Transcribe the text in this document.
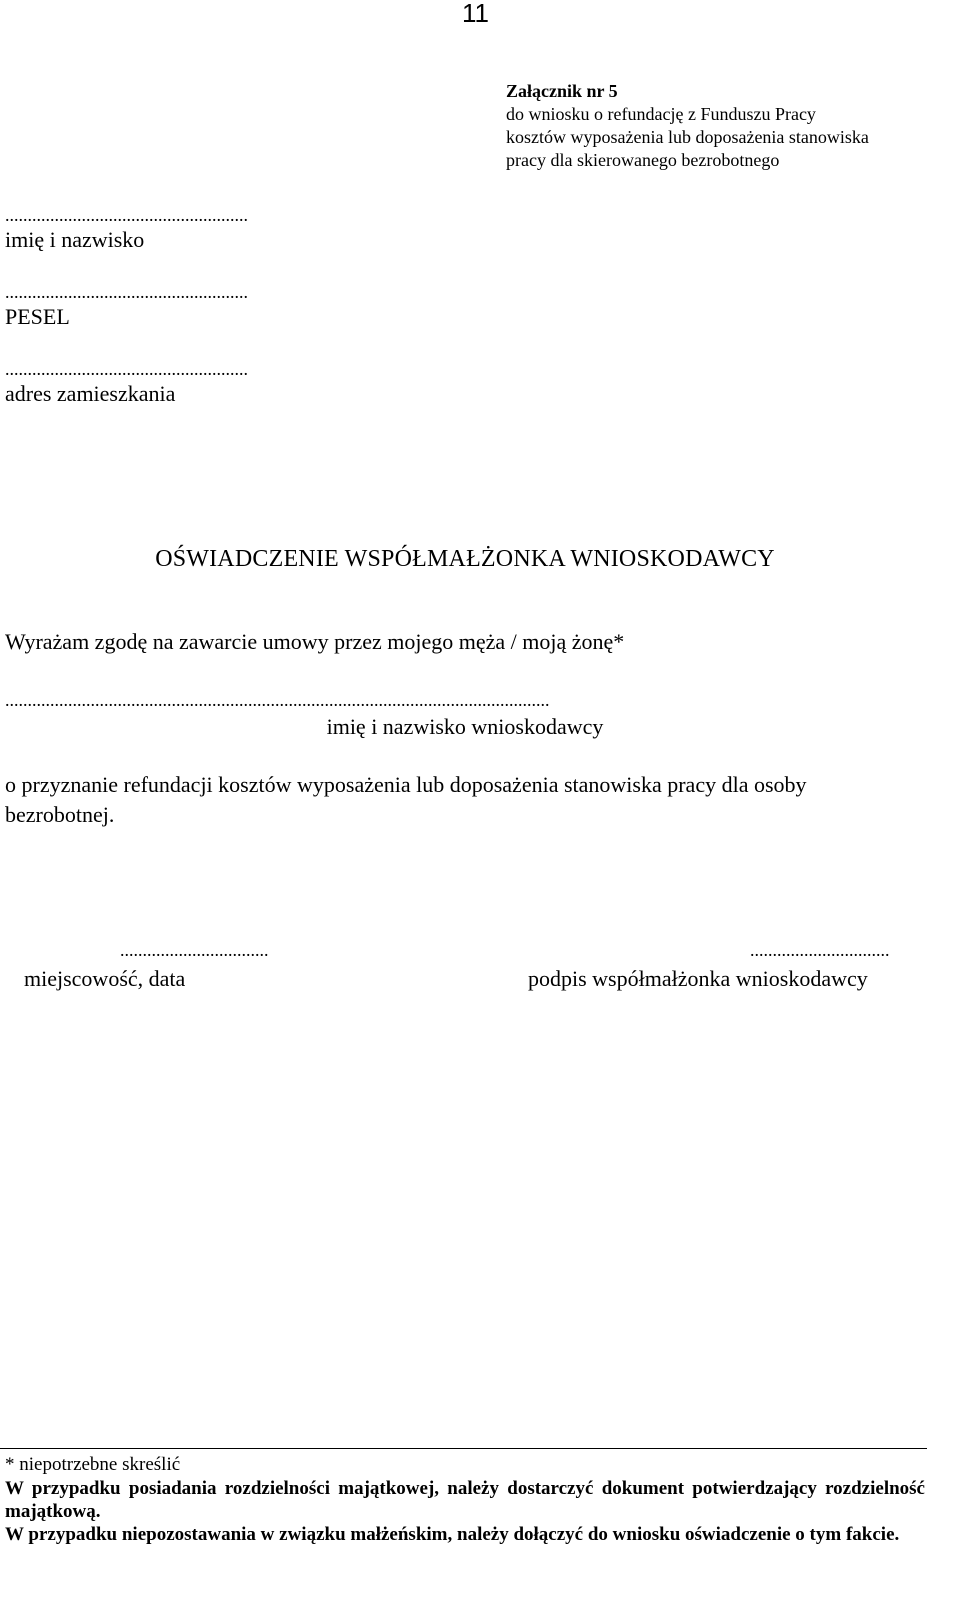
11
Załącznik nr 5
do wniosku o refundację z Funduszu Pracy
kosztów wyposażenia lub doposażenia stanowiska
pracy dla skierowanego bezrobotnego
......................................................
imię i nazwisko
......................................................
PESEL
......................................................
adres zamieszkania
OŚWIADCZENIE WSPÓŁMAŁŻONKA WNIOSKODAWCY
Wyrażam zgodę na zawarcie umowy przez mojego męża / moją żonę*
.........................................................................................................................
imię i nazwisko wnioskodawcy
o przyznanie refundacji kosztów wyposażenia lub doposażenia stanowiska pracy dla osoby bezrobotnej.
.................................
miejscowość, data
...............................
podpis współmałżonka wnioskodawcy
* niepotrzebne skreślić

W przypadku posiadania rozdzielności majątkowej, należy dostarczyć dokument potwierdzający rozdzielność majątkową.

W przypadku niepozostawania w związku małżeńskim, należy dołączyć do wniosku oświadczenie o tym fakcie.
